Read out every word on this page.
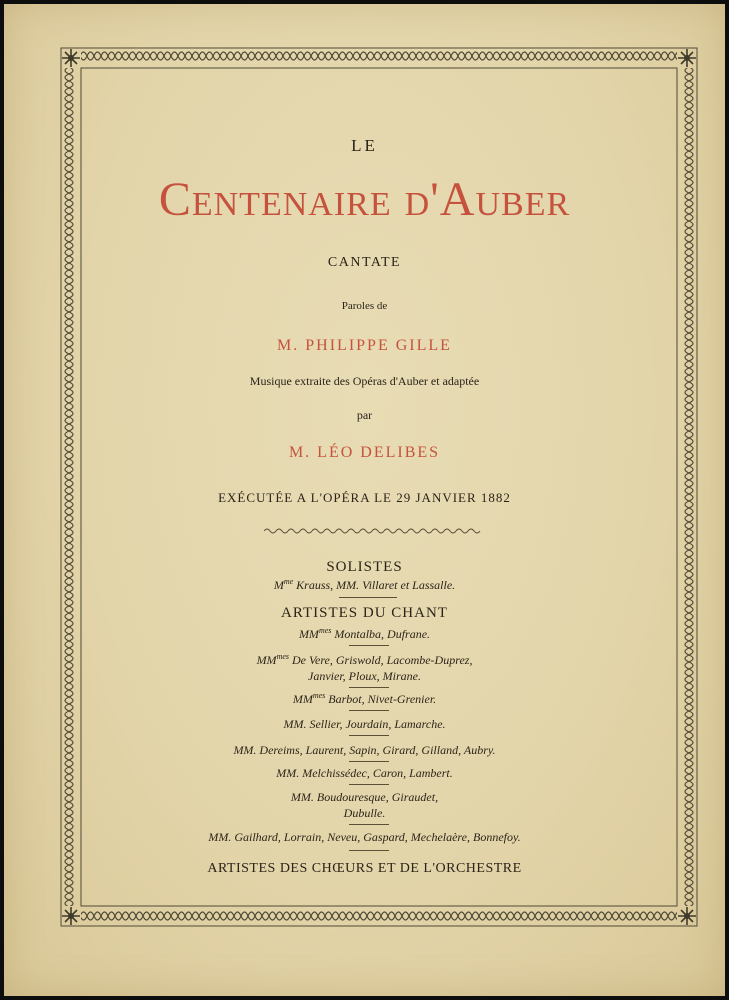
LE
Centenaire d'Auber
CANTATE
Paroles de
M. PHILIPPE GILLE
Musique extraite des Opéras d'Auber et adaptée
par
M. LÉO DELIBES
EXÉCUTÉE A L'OPÉRA LE 29 JANVIER 1882
SOLISTES
$M^{me}$ Krauss, MM. Villaret et Lassalle.
ARTISTES DU CHANT
$MM^{mes}$ Montalba, Dufrane.
$MM^{mes}$ De Vere, Griswold, Lacombe-Duprez,
Janvier, Ploux, Mirane.
$MM^{mes}$ Barbot, Nivet-Grenier.
MM. Sellier, Jourdain, Lamarche.
MM. Dereims, Laurent, Sapin, Girard, Gilland, Aubry.
MM. Melchissédec, Caron, Lambert.
MM. Boudouresque, Giraudet,
Dubulle.
MM. Gailhard, Lorrain, Neveu, Gaspard, Mechelaère, Bonnefoy.
ARTISTES DES CHŒURS ET DE L'ORCHESTRE
